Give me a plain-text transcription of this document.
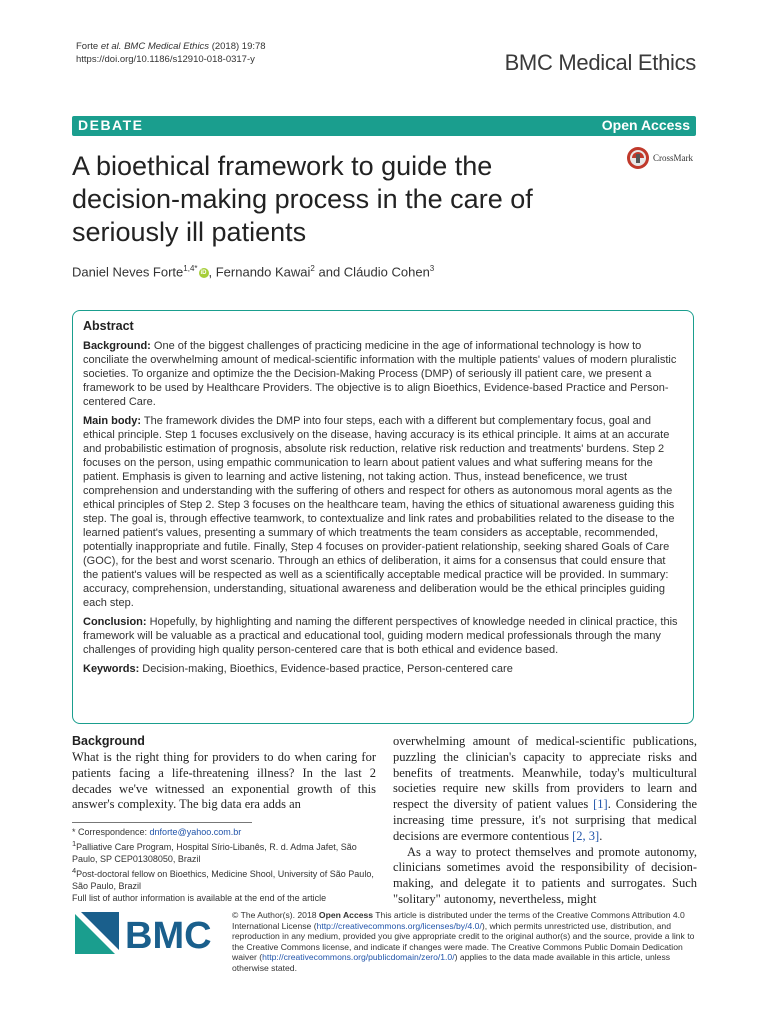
Forte et al. BMC Medical Ethics (2018) 19:78
https://doi.org/10.1186/s12910-018-0317-y	BMC Medical Ethics
DEBATE	Open Access
CrossMark
A bioethical framework to guide the decision-making process in the care of seriously ill patients
Daniel Neves Forte$^{1,4*}$ iD , Fernando Kawai$^2$ and Cláudio Cohen$^3$
Abstract

Background: One of the biggest challenges of practicing medicine in the age of informational technology is how to conciliate the overwhelming amount of medical-scientific information with the multiple patients' values of modern pluralistic societies. To organize and optimize the the Decision-Making Process (DMP) of seriously ill patient care, we present a framework to be used by Healthcare Providers. The objective is to align Bioethics, Evidence-based Practice and Person-centered Care.

Main body: The framework divides the DMP into four steps, each with a different but complementary focus, goal and ethical principle. Step 1 focuses exclusively on the disease, having accuracy is its ethical principle. It aims at an accurate and probabilistic estimation of prognosis, absolute risk reduction, relative risk reduction and treatments' burdens. Step 2 focuses on the person, using empathic communication to learn about patient values and what suffering means for the patient. Emphasis is given to learning and active listening, not taking action. Thus, instead beneficence, we trust comprehension and understanding with the suffering of others and respect for others as autonomous moral agents as the ethical principles of Step 2. Step 3 focuses on the healthcare team, having the ethics of situational awareness guiding this step. The goal is, through effective teamwork, to contextualize and link rates and probabilities related to the disease to the learned patient's values, presenting a summary of which treatments the team considers as acceptable, recommended, potentially inappropriate and futile. Finally, Step 4 focuses on provider-patient relationship, seeking shared Goals of Care (GOC), for the best and worst scenario. Through an ethics of deliberation, it aims for a consensus that could ensure that the patient's values will be respected as well as a scientifically acceptable medical practice will be provided. In summary: accuracy, comprehension, understanding, situational awareness and deliberation would be the ethical principles guiding each step.

Conclusion: Hopefully, by highlighting and naming the different perspectives of knowledge needed in clinical practice, this framework will be valuable as a practical and educational tool, guiding modern medical professionals through the many challenges of providing high quality person-centered care that is both ethical and evidence based.

Keywords: Decision-making, Bioethics, Evidence-based practice, Person-centered care

Background
What is the right thing for providers to do when caring for patients facing a life-threatening illness? In the last 2 decades we've witnessed an exponential growth of this answer's complexity. The big data era adds an

overwhelming amount of medical-scientific publications, puzzling the clinician's capacity to appreciate risks and benefits of treatments. Meanwhile, today's multicultural societies require new skills from providers to learn and respect the diversity of patient values [1]. Considering the increasing time pressure, it's not surprising that medical decisions are evermore contentious [2, 3].

As a way to protect themselves and promote autonomy, clinicians sometimes avoid the responsibility of decision-making, and delegate it to patients and surrogates. Such "solitary" autonomy, nevertheless, might

* Correspondence: dnforte@yahoo.com.br
$^1$Palliative Care Program, Hospital Sírio-Libanês, R. d. Adma Jafet, São Paulo, SP CEP01308050, Brazil
$^4$Post-doctoral fellow on Bioethics, Medicine Shool, University of São Paulo, São Paulo, Brazil
Full list of author information is available at the end of the article
BMC © The Author(s). 2018 Open Access This article is distributed under the terms of the Creative Commons Attribution 4.0 International License (http://creativecommons.org/licenses/by/4.0/), which permits unrestricted use, distribution, and reproduction in any medium, provided you give appropriate credit to the original author(s) and the source, provide a link to the Creative Commons license, and indicate if changes were made. The Creative Commons Public Domain Dedication waiver (http://creativecommons.org/publicdomain/zero/1.0/) applies to the data made available in this article, unless otherwise stated.
